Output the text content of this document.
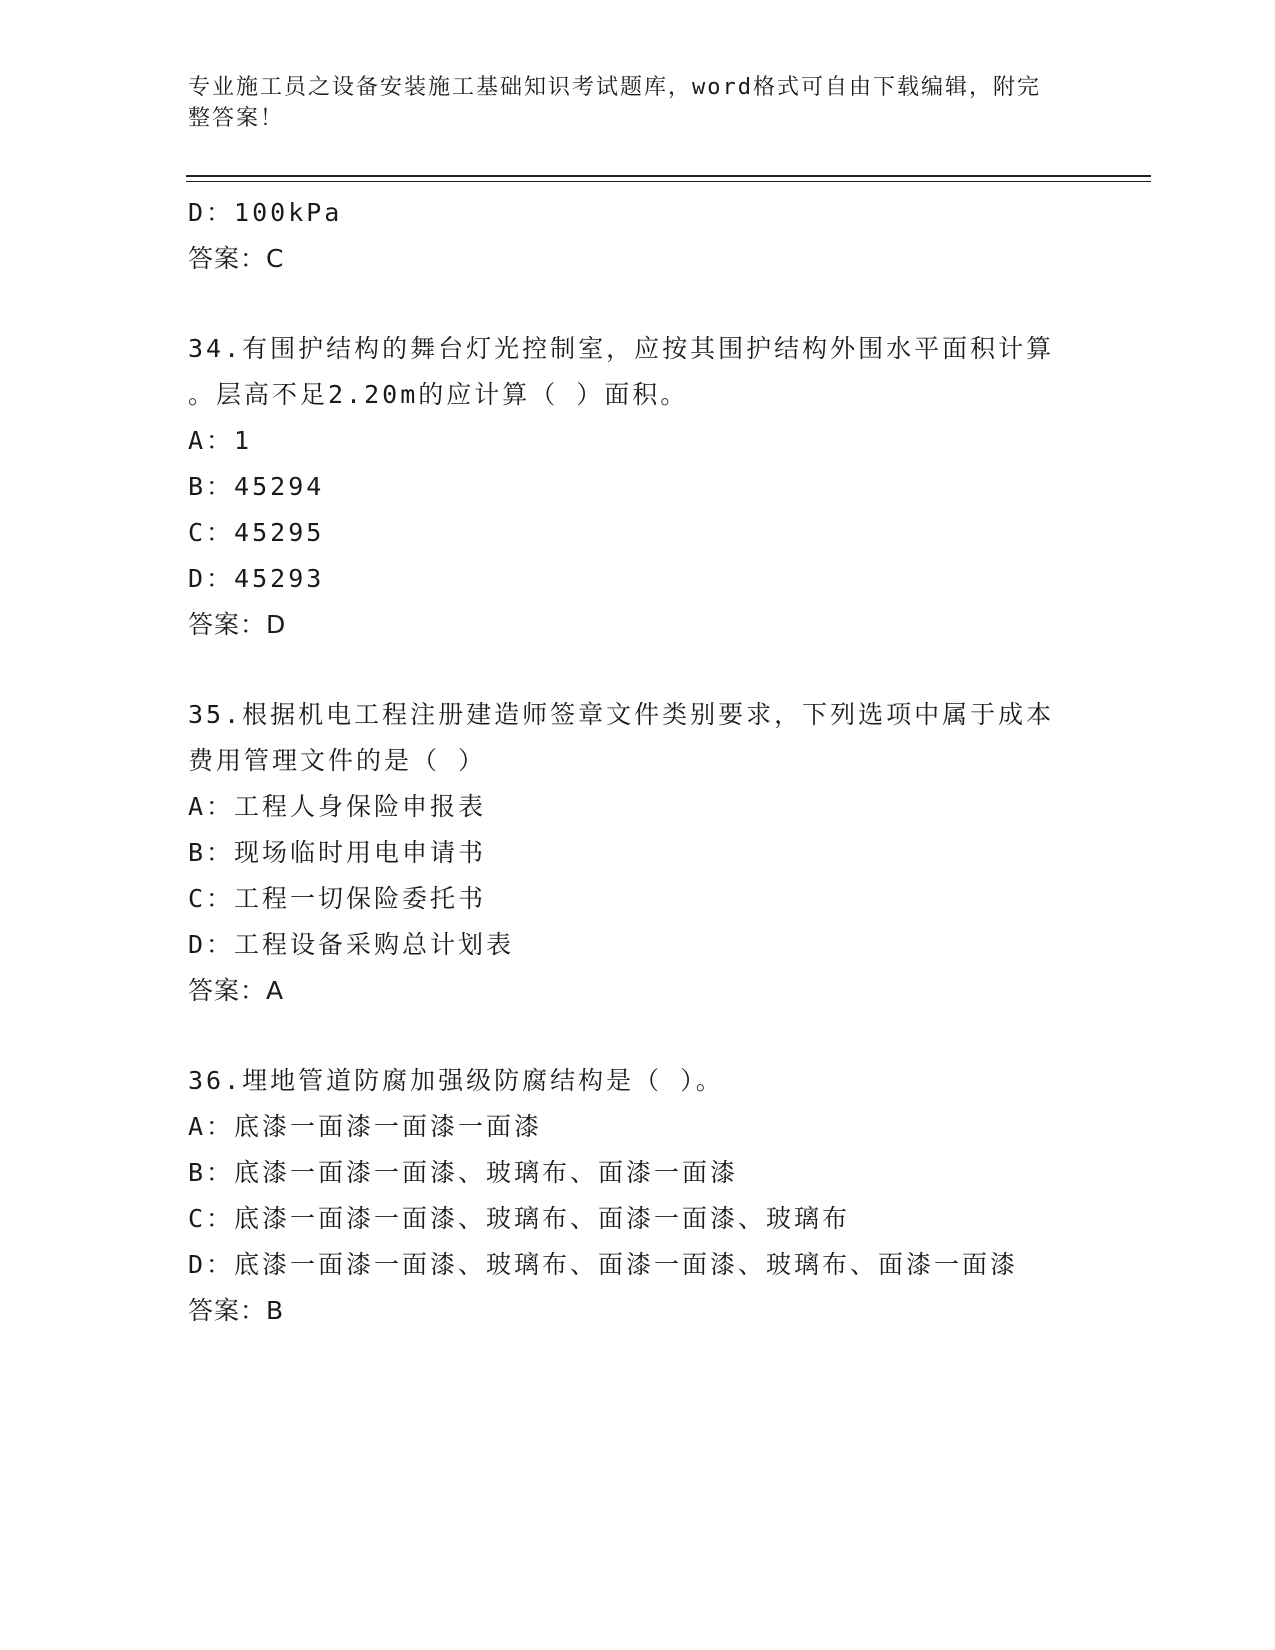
专业施工员之设备安装施工基础知识考试题库，word格式可自由下载编辑，附完
整答案！
D：100kPa
答案：C
34.有围护结构的舞台灯光控制室，应按其围护结构外围水平面积计算
。层高不足2.20m的应计算（ ）面积。
A：1
B：45294
C：45295
D：45293
答案：D
35.根据机电工程注册建造师签章文件类别要求，下列选项中属于成本
费用管理文件的是（ ）
A：工程人身保险申报表
B：现场临时用电申请书
C：工程一切保险委托书
D：工程设备采购总计划表
答案：A
36.埋地管道防腐加强级防腐结构是（ ）。
A：底漆一面漆一面漆一面漆
B：底漆一面漆一面漆、玻璃布、面漆一面漆
C：底漆一面漆一面漆、玻璃布、面漆一面漆、玻璃布
D：底漆一面漆一面漆、玻璃布、面漆一面漆、玻璃布、面漆一面漆
答案：B
